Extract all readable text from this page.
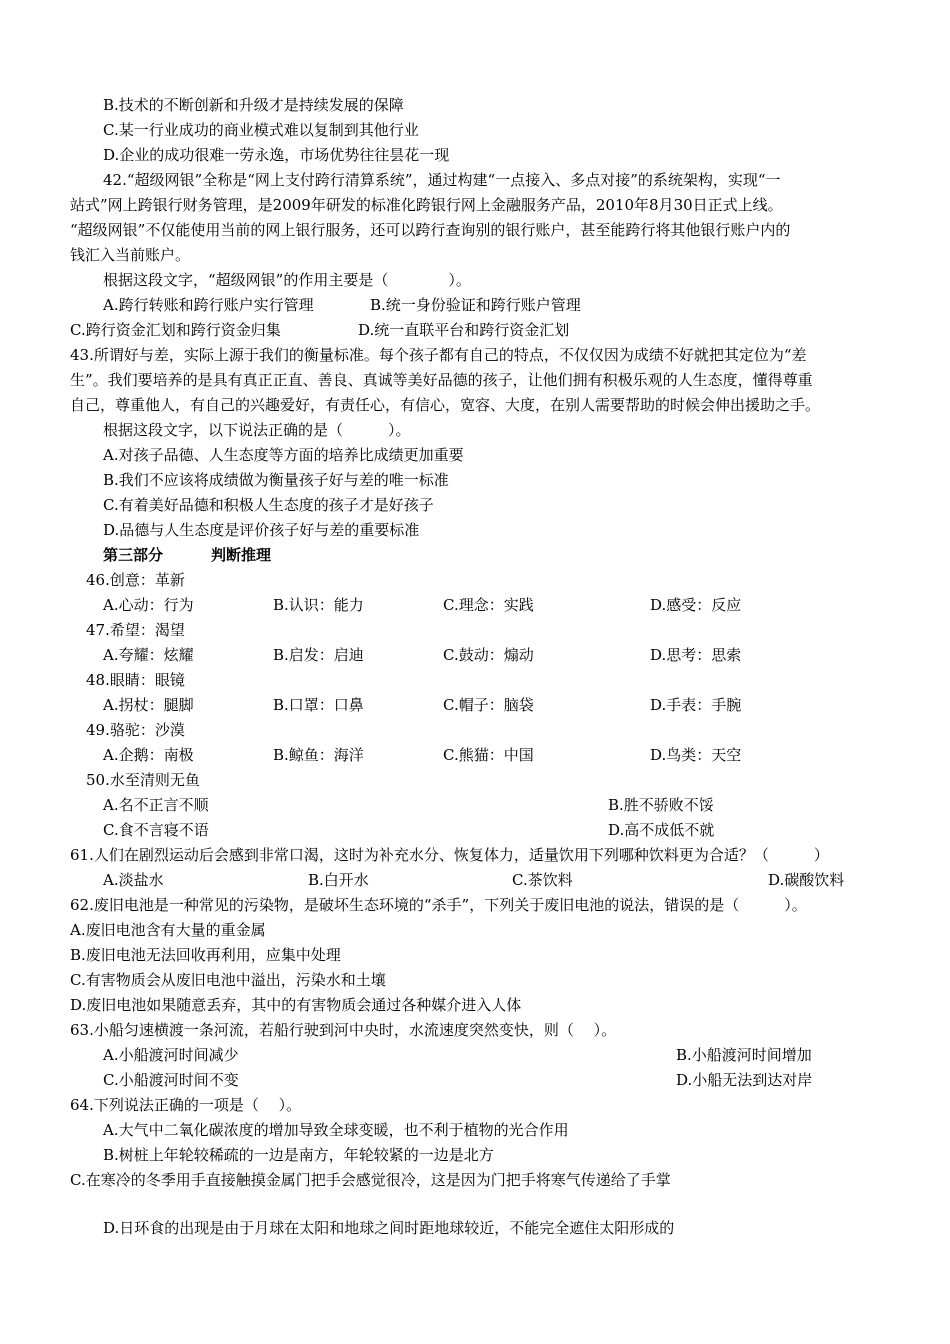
B.技术的不断创新和升级才是持续发展的保障
C.某一行业成功的商业模式难以复制到其他行业
D.企业的成功很难一劳永逸，市场优势往往昙花一现
42.“超级网银”全称是“网上支付跨行清算系统”，通过构建“一点接入、多点对接”的系统架构，实现“一
站式”网上跨银行财务管理，是2009年研发的标准化跨银行网上金融服务产品，2010年8月30日正式上线。
“超级网银”不仅能使用当前的网上银行服务，还可以跨行查询别的银行账户，甚至能跨行将其他银行账户内的
钱汇入当前账户。
根据这段文字，“超级网银”的作用主要是（　　　　）。
A.跨行转账和跨行账户实行管理	B.统一身份验证和跨行账户管理
C.跨行资金汇划和跨行资金归集	D.统一直联平台和跨行资金汇划
43.所谓好与差，实际上源于我们的衡量标准。每个孩子都有自己的特点，不仅仅因为成绩不好就把其定位为“差
生”。我们要培养的是具有真正正直、善良、真诚等美好品德的孩子，让他们拥有积极乐观的人生态度，懂得尊重
自己，尊重他人，有自己的兴趣爱好，有责任心，有信心，宽容、大度，在别人需要帮助的时候会伸出援助之手。
根据这段文字，以下说法正确的是（　　　）。
A.对孩子品德、人生态度等方面的培养比成绩更加重要
B.我们不应该将成绩做为衡量孩子好与差的唯一标准
C.有着美好品德和积极人生态度的孩子才是好孩子
D.品德与人生态度是评价孩子好与差的重要标准
第三部分	判断推理
46.创意：革新
A.心动：行为	B.认识：能力	C.理念：实践	D.感受：反应
47.希望：渴望
A.夸耀：炫耀	B.启发：启迪	C.鼓动：煽动	D.思考：思索
48.眼睛：眼镜
A.拐杖：腿脚	B.口罩：口鼻	C.帽子：脑袋	D.手表：手腕
49.骆驼：沙漠
A.企鹅：南极	B.鲸鱼：海洋	C.熊猫：中国	D.鸟类：天空
50.水至清则无鱼
A.名不正言不顺	B.胜不骄败不馁
C.食不言寝不语	D.高不成低不就
61.人们在剧烈运动后会感到非常口渴，这时为补充水分、恢复体力，适量饮用下列哪种饮料更为合适？（　　　）
A.淡盐水	B.白开水	C.茶饮料	D.碳酸饮料
62.废旧电池是一种常见的污染物，是破坏生态环境的“杀手”，下列关于废旧电池的说法，错误的是（　　　）。
A.废旧电池含有大量的重金属
B.废旧电池无法回收再利用，应集中处理
C.有害物质会从废旧电池中溢出，污染水和土壤
D.废旧电池如果随意丢弃，其中的有害物质会通过各种媒介进入人体
63.小船匀速横渡一条河流，若船行驶到河中央时，水流速度突然变快，则（　 ）。
A.小船渡河时间减少	B.小船渡河时间增加
C.小船渡河时间不变	D.小船无法到达对岸
64.下列说法正确的一项是（　 ）。
A.大气中二氧化碳浓度的增加导致全球变暖，也不利于植物的光合作用
B.树桩上年轮较稀疏的一边是南方，年轮较紧的一边是北方
C.在寒冷的冬季用手直接触摸金属门把手会感觉很冷，这是因为门把手将寒气传递给了手掌
D.日环食的出现是由于月球在太阳和地球之间时距地球较近，不能完全遮住太阳形成的
